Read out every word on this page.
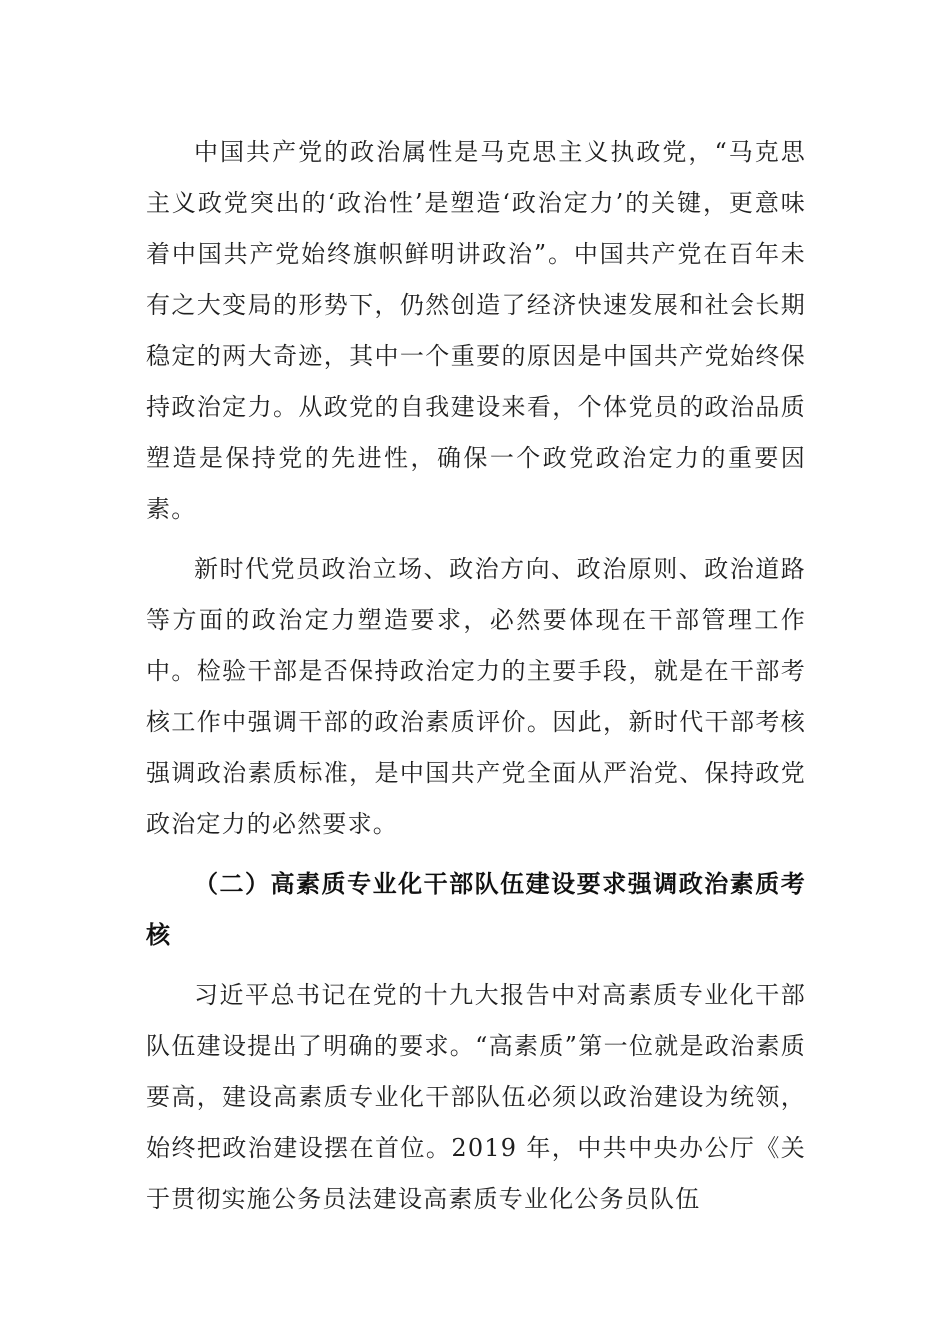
中国共产党的政治属性是马克思主义执政党，“马克思主义政党突出的‘政治性’是塑造‘政治定力’的关键，更意味着中国共产党始终旗帜鲜明讲政治”。中国共产党在百年未有之大变局的形势下，仍然创造了经济快速发展和社会长期稳定的两大奇迹，其中一个重要的原因是中国共产党始终保持政治定力。从政党的自我建设来看，个体党员的政治品质塑造是保持党的先进性，确保一个政党政治定力的重要因素。

新时代党员政治立场、政治方向、政治原则、政治道路等方面的政治定力塑造要求，必然要体现在干部管理工作中。检验干部是否保持政治定力的主要手段，就是在干部考核工作中强调干部的政治素质评价。因此，新时代干部考核强调政治素质标准，是中国共产党全面从严治党、保持政党政治定力的必然要求。

（二）高素质专业化干部队伍建设要求强调政治素质考核

习近平总书记在党的十九大报告中对高素质专业化干部队伍建设提出了明确的要求。“高素质”第一位就是政治素质要高，建设高素质专业化干部队伍必须以政治建设为统领，始终把政治建设摆在首位。2019 年，中共中央办公厅《关于贯彻实施公务员法建设高素质专业化公务员队伍
